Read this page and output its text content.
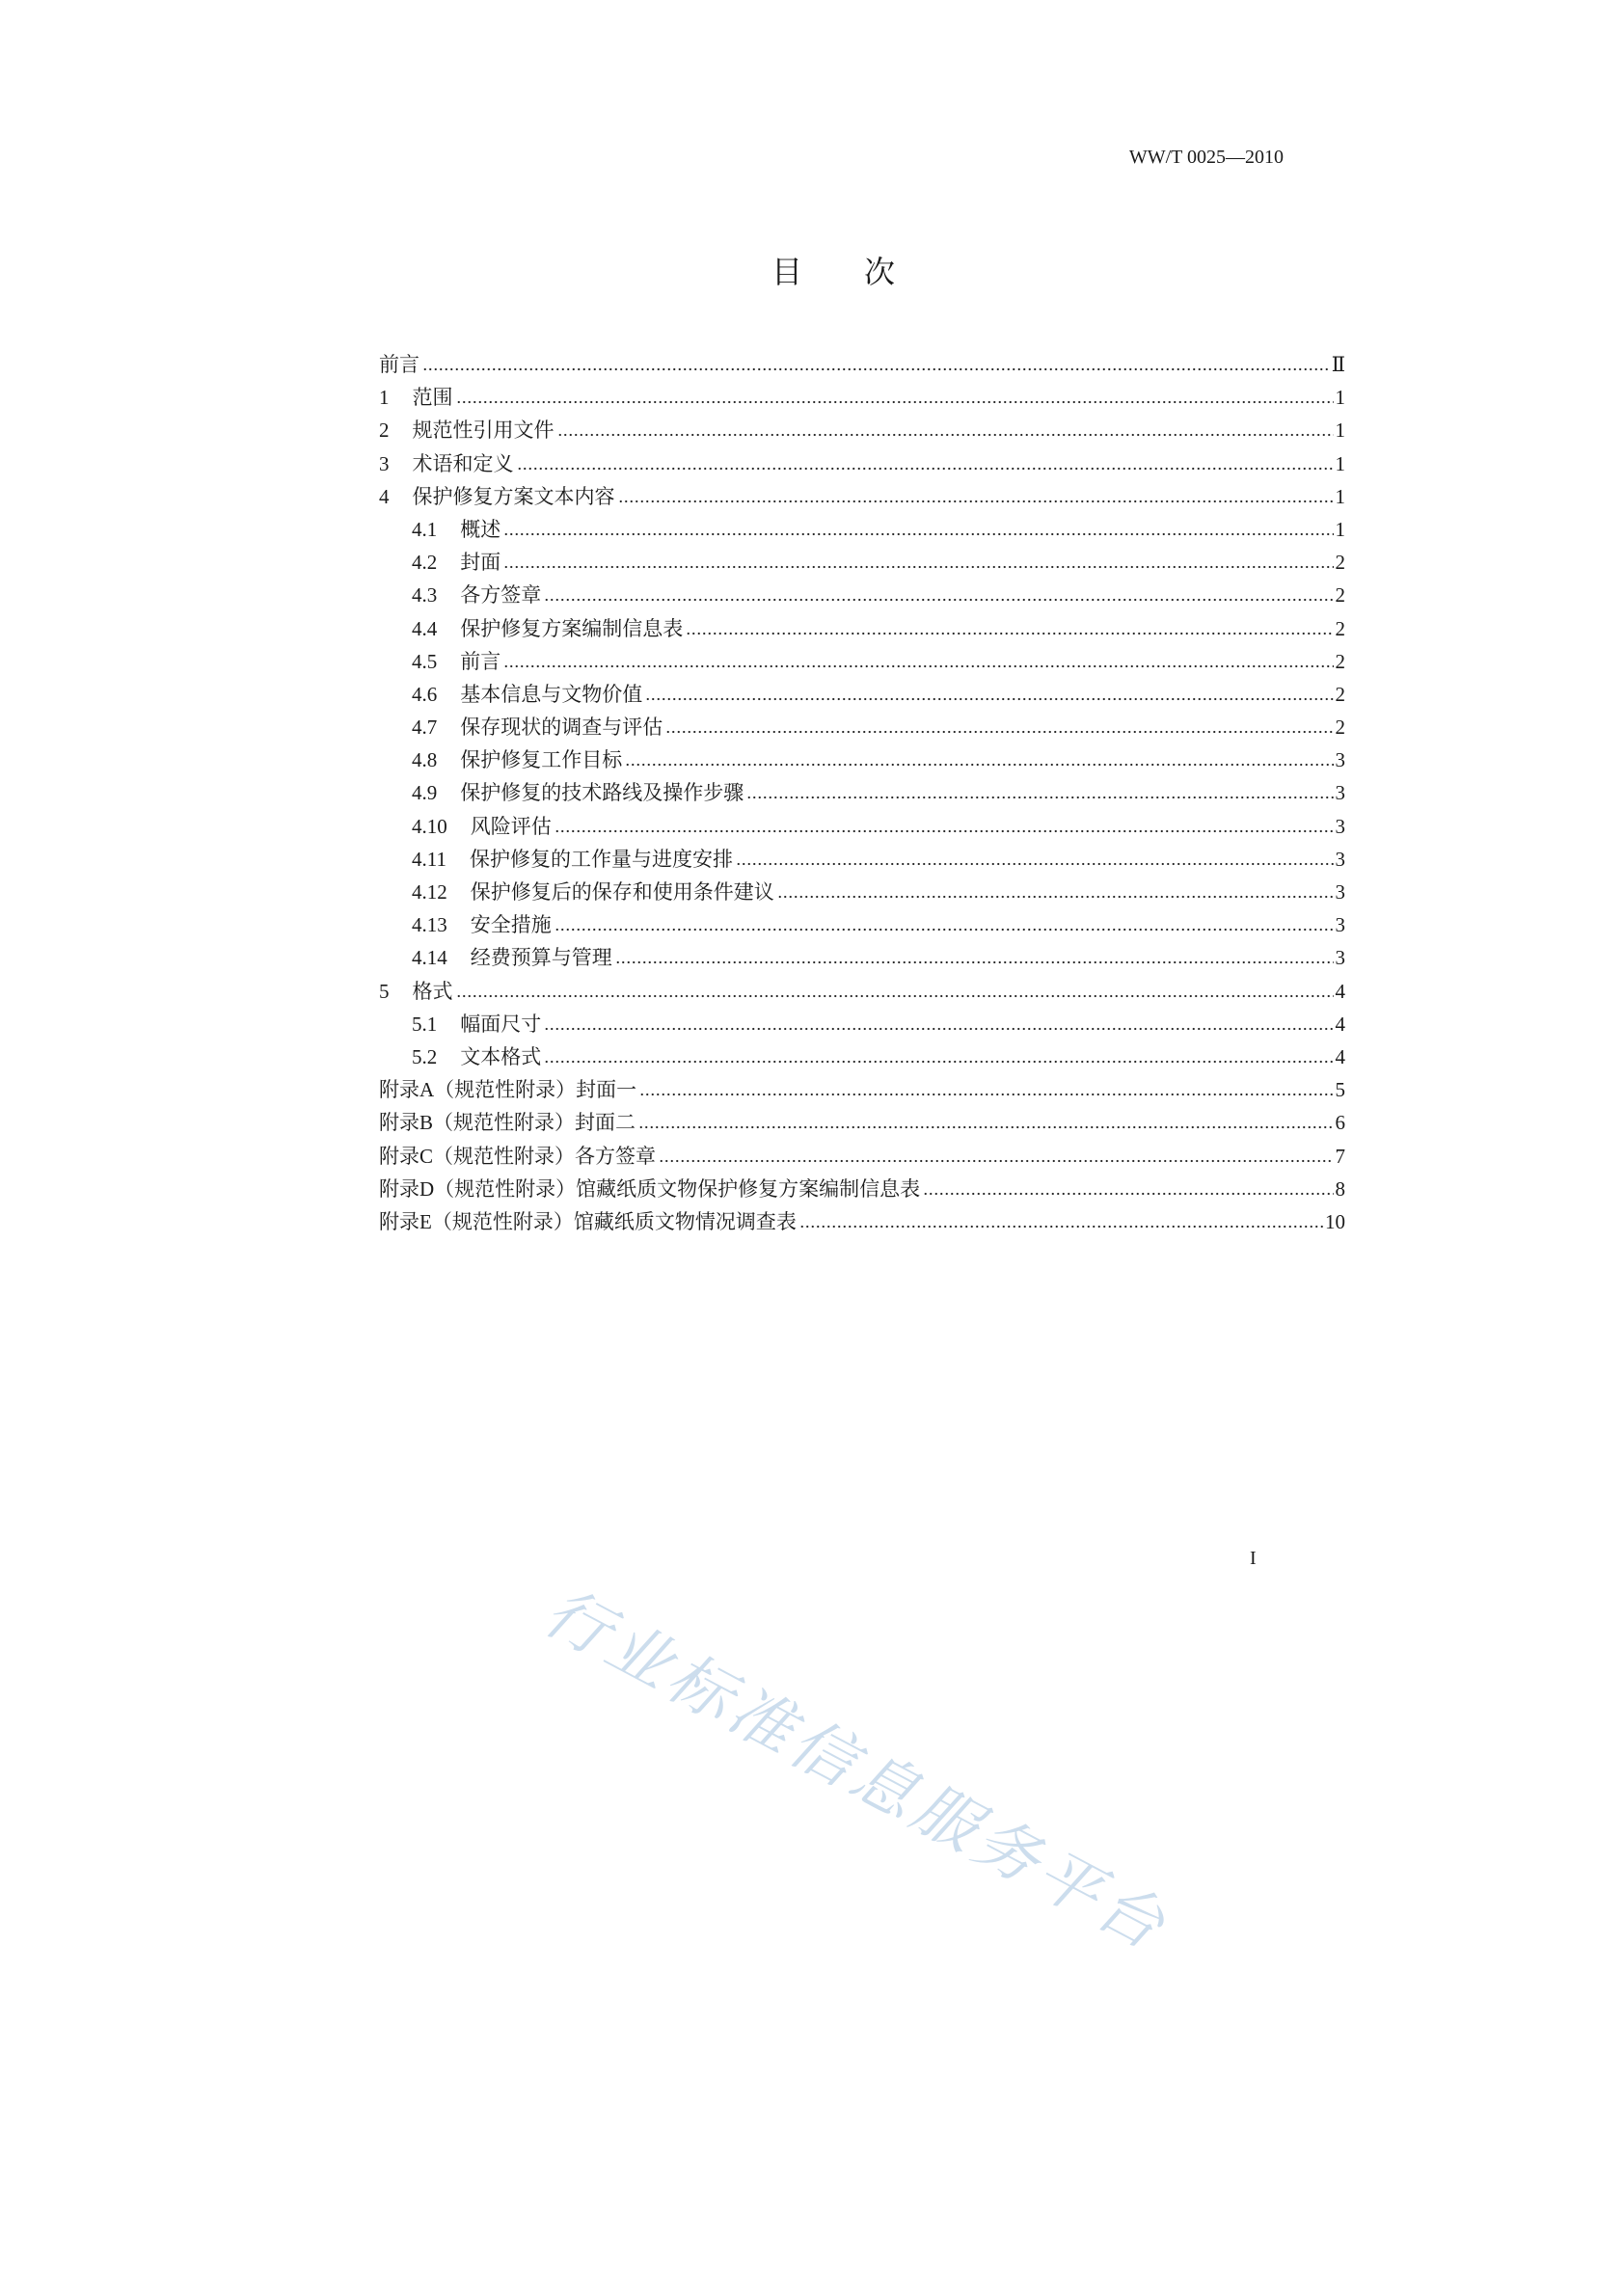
WW/T 0025—2010
目　　次
前言	Ⅱ
1 范围	1
2 规范性引用文件	1
3 术语和定义	1
4 保护修复方案文本内容	1
4.1 概述	1
4.2 封面	2
4.3 各方签章	2
4.4 保护修复方案编制信息表	2
4.5 前言	2
4.6 基本信息与文物价值	2
4.7 保存现状的调查与评估	2
4.8 保护修复工作目标	3
4.9 保护修复的技术路线及操作步骤	3
4.10 风险评估	3
4.11 保护修复的工作量与进度安排	3
4.12 保护修复后的保存和使用条件建议	3
4.13 安全措施	3
4.14 经费预算与管理	3
5 格式	4
5.1 幅面尺寸	4
5.2 文本格式	4
附录A（规范性附录）封面一	5
附录B（规范性附录）封面二	6
附录C（规范性附录）各方签章	7
附录D（规范性附录）馆藏纸质文物保护修复方案编制信息表	8
附录E（规范性附录）馆藏纸质文物情况调查表	10
I
行业标准信息服务平台
